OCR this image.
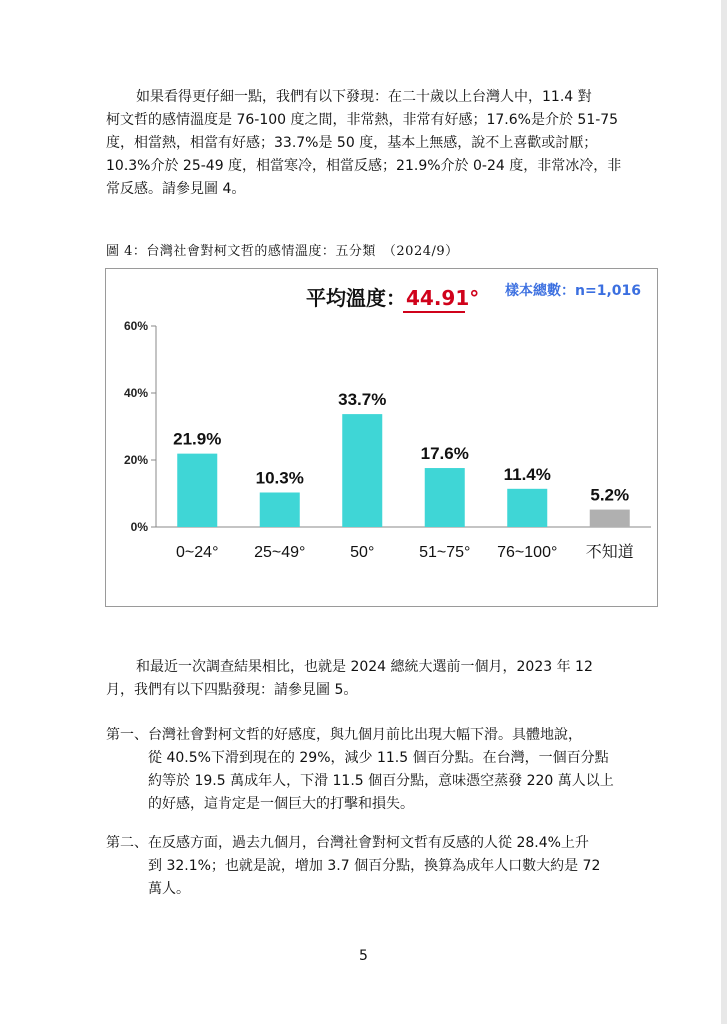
如果看得更仔細一點，我們有以下發現：在二十歲以上台灣人中，11.4 對
柯文哲的感情溫度是 76-100 度之間，非常熱，非常有好感；17.6%是介於 51-75
度，相當熱，相當有好感；33.7%是 50 度，基本上無感，說不上喜歡或討厭；
10.3%介於 25-49 度，相當寒冷，相當反感；21.9%介於 0-24 度，非常冰冷，非
常反感。請參見圖 4。
圖 4：台灣社會對柯文哲的感情溫度：五分類　（2024/9）
平均溫度：44.91° 樣本總數：n=1,016
0%
20%
40%
60%
21.9%
0~24°
10.3%
25~49°
33.7%
50°
17.6%
51~75°
11.4%
76~100°
5.2%
不知道
和最近一次調查結果相比，也就是 2024 總統大選前一個月，2023 年 12
月，我們有以下四點發現：請參見圖 5。
第一、台灣社會對柯文哲的好感度，與九個月前比出現大幅下滑。具體地說，
從 40.5%下滑到現在的 29%，減少 11.5 個百分點。在台灣，一個百分點
約等於 19.5 萬成年人，下滑 11.5 個百分點，意味憑空蒸發 220 萬人以上
的好感，這肯定是一個巨大的打擊和損失。
第二、在反感方面，過去九個月，台灣社會對柯文哲有反感的人從 28.4%上升
到 32.1%；也就是說，增加 3.7 個百分點，換算為成年人口數大約是 72
萬人。
5
